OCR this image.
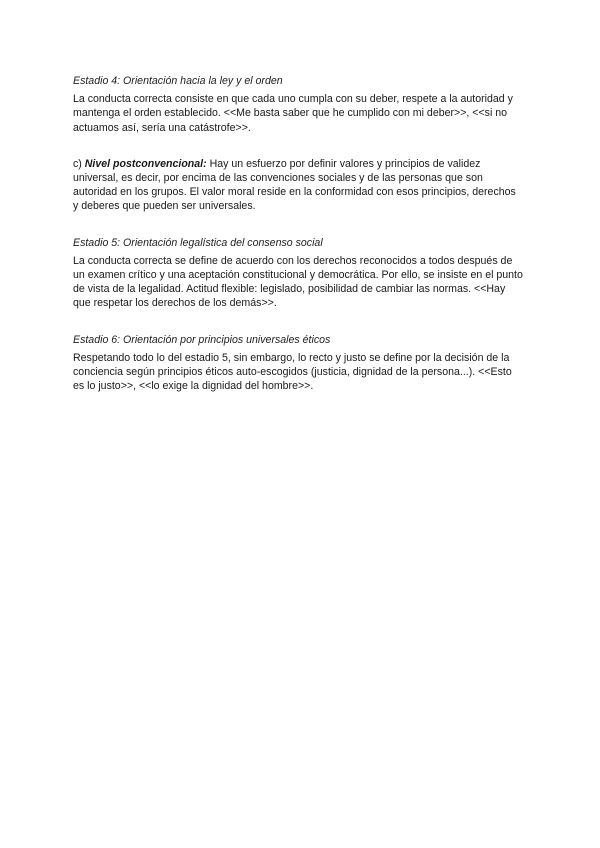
Estadio 4: Orientación hacia la ley y el orden

La conducta correcta consiste en que cada uno cumpla con su deber, respete a la autoridad y mantenga el orden establecido. <<Me basta saber que he cumplido con mi deber>>, <<si no actuamos así, sería una catástrofe>>.

c) Nivel postconvencional: Hay un esfuerzo por definir valores y principios de validez universal, es decir, por encima de las convenciones sociales y de las personas que son autoridad en los grupos. El valor moral reside en la conformidad con esos principios, derechos y deberes que pueden ser universales.

Estadio 5: Orientación legalística del consenso social

La conducta correcta se define de acuerdo con los derechos reconocidos a todos después de un examen crítico y una aceptación constitucional y democrática. Por ello, se insiste en el punto de vista de la legalidad. Actitud flexible: legislado, posibilidad de cambiar las normas. <<Hay que respetar los derechos de los demás>>.

Estadio 6: Orientación por principios universales éticos

Respetando todo lo del estadio 5, sin embargo, lo recto y justo se define por la decisión de la conciencia según principios éticos auto-escogidos (justicia, dignidad de la persona...). <<Esto es lo justo>>, <<lo exige la dignidad del hombre>>.
